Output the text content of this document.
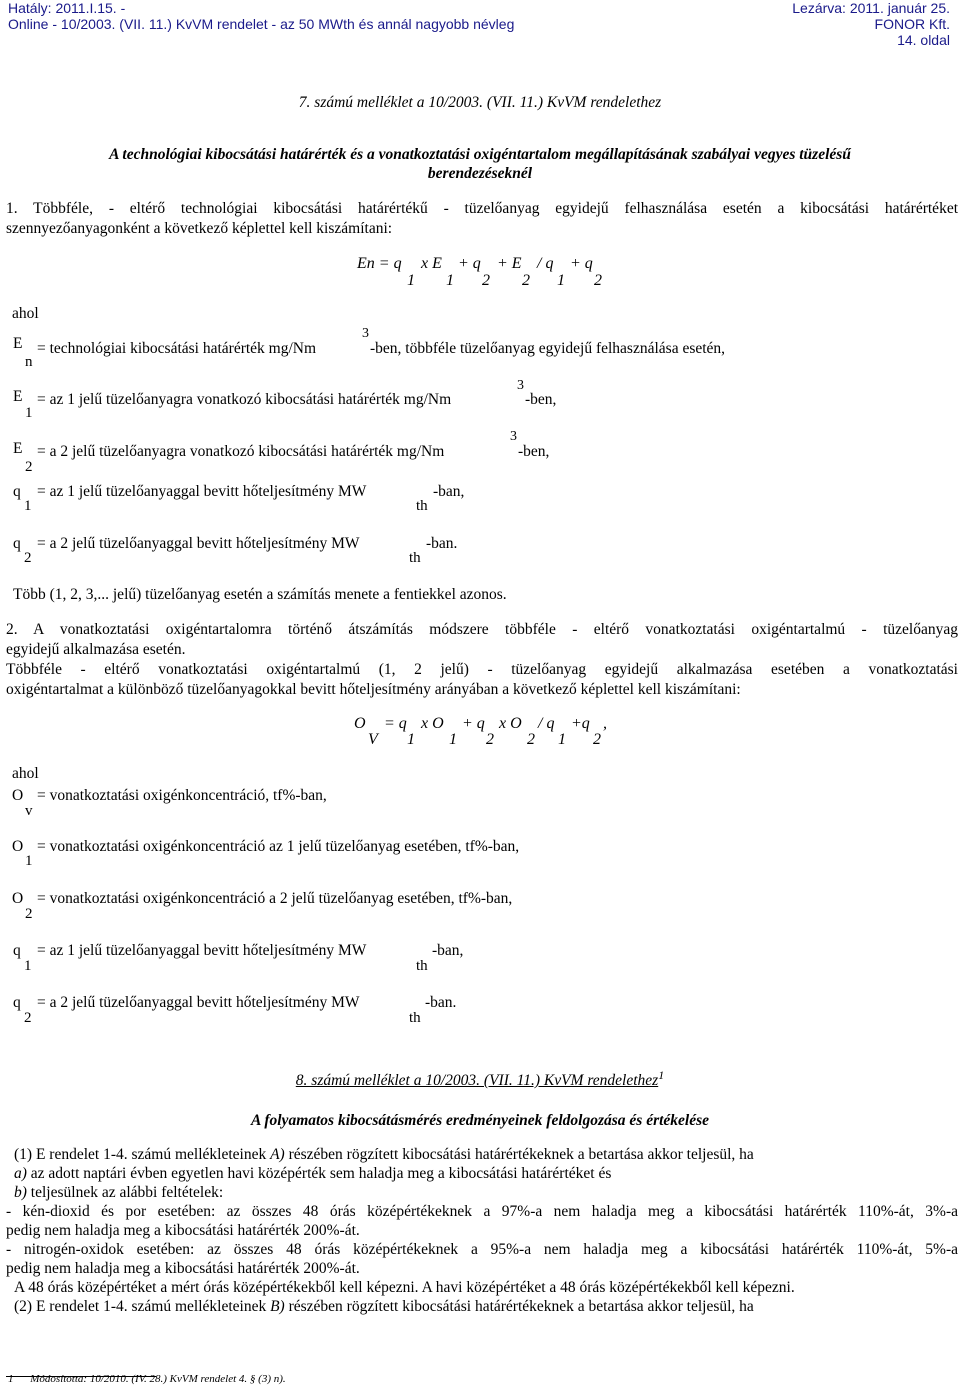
Hatály: 2011.I.15. -
Online - 10/2003. (VII. 11.) KvVM rendelet - az 50 MWth és annál nagyobb névleg
Lezárva: 2011. január 25.
FONOR Kft.
14. oldal
7. számú melléklet a 10/2003. (VII. 11.) KvVM rendelethez
A technológiai kibocsátási határérték és a vonatkoztatási oxigéntartalom megállapításának szabályai vegyes tüzelésű
berendezéseknél
1. Többféle, - eltérő technológiai kibocsátási határértékű - tüzelőanyag egyidejű felhasználása esetén a kibocsátási határértéket
szennyezőanyagonként a következő képlettel kell kiszámítani:
En = q
1
x E
1
+ q
2
+ E
2
/ q
1
+ q
2
ahol
E
n
= technológiai kibocsátási határérték mg/Nm
3
-ben, többféle tüzelőanyag egyidejű felhasználása esetén,
E
1
= az 1 jelű tüzelőanyagra vonatkozó kibocsátási határérték mg/Nm
3
-ben,
E
2
= a 2 jelű tüzelőanyagra vonatkozó kibocsátási határérték mg/Nm
3
-ben,
q
1
= az 1 jelű tüzelőanyaggal bevitt hőteljesítmény MW
th
-ban,
q
2
= a 2 jelű tüzelőanyaggal bevitt hőteljesítmény MW
th
-ban.
Több (1, 2, 3,... jelű) tüzelőanyag esetén a számítás menete a fentiekkel azonos.
2. A vonatkoztatási oxigéntartalomra történő átszámítás módszere többféle - eltérő vonatkoztatási oxigéntartalmú - tüzelőanyag
egyidejű alkalmazása esetén.
Többféle - eltérő vonatkoztatási oxigéntartalmú (1, 2 jelű) - tüzelőanyag egyidejű alkalmazása esetében a vonatkoztatási
oxigéntartalmat a különböző tüzelőanyagokkal bevitt hőteljesítmény arányában a következő képlettel kell kiszámítani:
O
V
= q
1
x O
1
+ q
2
x O
2
/ q
1
+q
2
,
ahol
O
v
= vonatkoztatási oxigénkoncentráció, tf%-ban,
O
1
= vonatkoztatási oxigénkoncentráció az 1 jelű tüzelőanyag esetében, tf%-ban,
O
2
= vonatkoztatási oxigénkoncentráció a 2 jelű tüzelőanyag esetében, tf%-ban,
q
1
= az 1 jelű tüzelőanyaggal bevitt hőteljesítmény MW
th
-ban,
q
2
= a 2 jelű tüzelőanyaggal bevitt hőteljesítmény MW
th
-ban.
8. számú melléklet a 10/2003. (VII. 11.) KvVM rendelethez$^1$
A folyamatos kibocsátásmérés eredményeinek feldolgozása és értékelése
(1) E rendelet 1-4. számú mellékleteinek A) részében rögzített kibocsátási határértékeknek a betartása akkor teljesül, ha
a) az adott naptári évben egyetlen havi középérték sem haladja meg a kibocsátási határértéket és
b) teljesülnek az alábbi feltételek:
- kén-dioxid és por esetében: az összes 48 órás középértékeknek a 97%-a nem haladja meg a kibocsátási határérték 110%-át, 3%-a
pedig nem haladja meg a kibocsátási határérték 200%-át.
- nitrogén-oxidok esetében: az összes 48 órás középértékeknek a 95%-a nem haladja meg a kibocsátási határérték 110%-át, 5%-a
pedig nem haladja meg a kibocsátási határérték 200%-át.
A 48 órás középértéket a mért órás középértékekből kell képezni. A havi középértéket a 48 órás középértékekből kell képezni.
(2) E rendelet 1-4. számú mellékleteinek B) részében rögzített kibocsátási határértékeknek a betartása akkor teljesül, ha
1 Módosította: 10/2010. (IV. 28.) KvVM rendelet 4. § (3) n).
